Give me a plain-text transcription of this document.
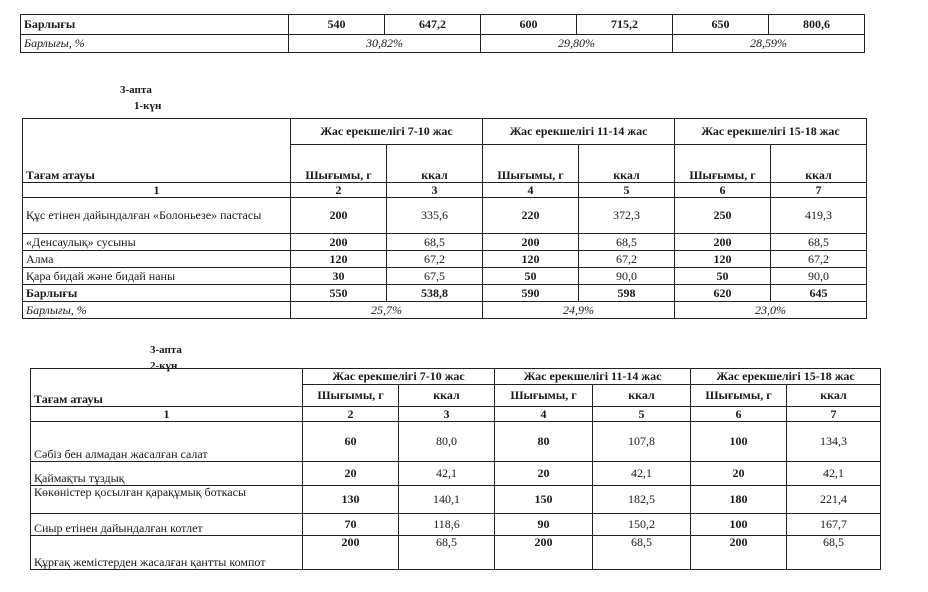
Барлығы	540	647,2	600	715,2	650	800,6
Барлығы, %	30,82%		29,80%		28,59%	
3-апта
1-күн
Тағам атауы	Жас ерекшелігі 7-10 жас		Жас ерекшелігі 11-14 жас		Жас ерекшелігі 15-18 жас	
	Шығымы, г	ккал	Шығымы, г	ккал	Шығымы, г	ккал
1	2	3	4	5	6	7
Құс етінен дайындалған «Болоньезе» пастасы	200	335,6	220	372,3	250	419,3
«Денсаулық» сусыны	200	68,5	200	68,5	200	68,5
Алма	120	67,2	120	67,2	120	67,2
Қара бидай және бидай наны	30	67,5	50	90,0	50	90,0
Барлығы	550	538,8	590	598	620	645
Барлығы, %	25,7%		24,9%		23,0%	
3-апта
2-күн
Тағам атауы	Жас ерекшелігі 7-10 жас		Жас ерекшелігі 11-14 жас		Жас ерекшелігі 15-18 жас	
	Шығымы, г	ккал	Шығымы, г	ккал	Шығымы, г	ккал
1	2	3	4	5	6	7
Сәбіз бен алмадан жасалған салат	60	80,0	80	107,8	100	134,3
Қаймақты тұздық	20	42,1	20	42,1	20	42,1
Көкөністер қосылған қарақұмық боткасы	130	140,1	150	182,5	180	221,4
Сиыр етінен дайындалған котлет	70	118,6	90	150,2	100	167,7
Құрғақ жемістерден жасалған қантты компот	200	68,5	200	68,5	200	68,5
